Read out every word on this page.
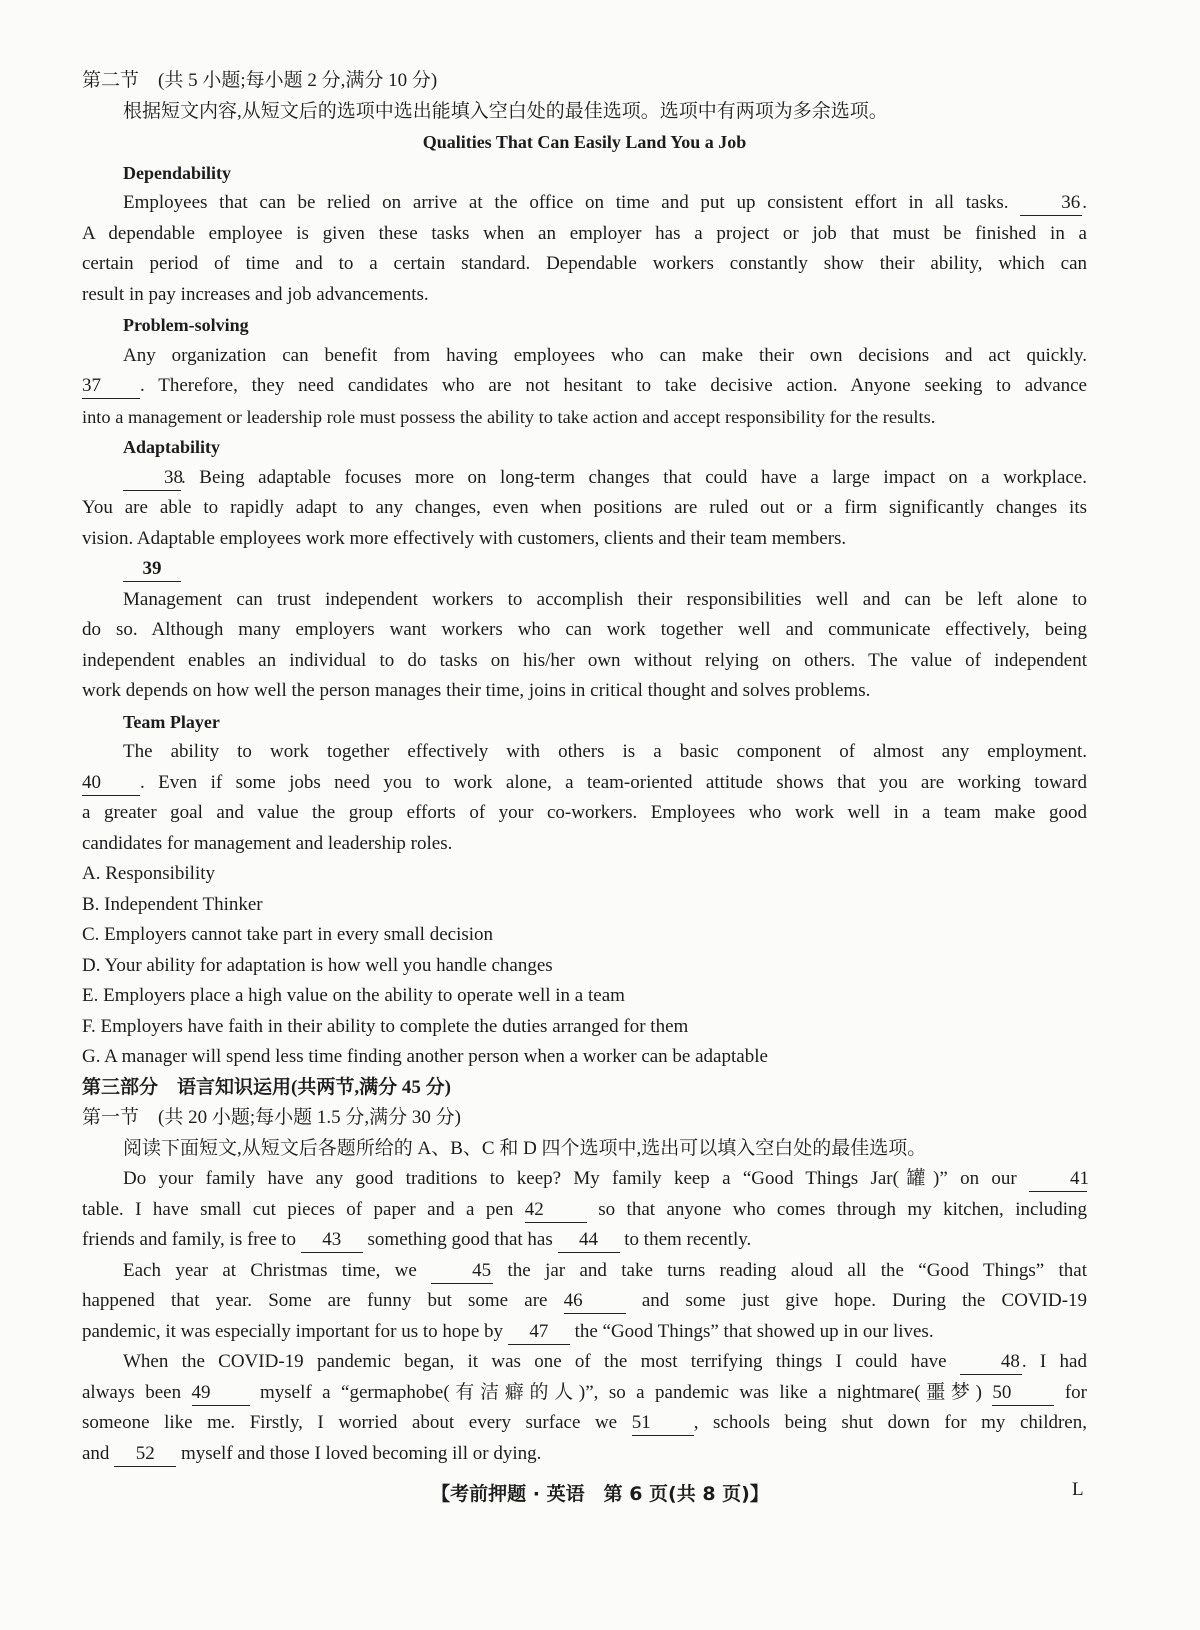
第二节　(共 5 小题;每小题 2 分,满分 10 分)
根据短文内容,从短文后的选项中选出能填入空白处的最佳选项。选项中有两项为多余选项。
Qualities That Can Easily Land You a Job
Dependability
Employees that can be relied on arrive at the office on time and put up consistent effort in all tasks.	36 .
A dependable employee is given these tasks when an employer has a project or job that must be finished in a
certain period of time and to a certain standard. Dependable workers constantly show their ability, which can
result in pay increases and job advancements.
Problem-solving
Any organization can benefit from having employees who can make their own decisions and act quickly.
37 . Therefore, they need candidates who are not hesitant to take decisive action. Anyone seeking to advance
into a management or leadership role must possess the ability to take action and accept responsibility for the results.
Adaptability
38. Being adaptable focuses more on long-term changes that could have a large impact on a workplace.
You are able to rapidly adapt to any changes, even when positions are ruled out or a firm significantly changes its
vision. Adaptable employees work more effectively with customers, clients and their team members.
39
Management can trust independent workers to accomplish their responsibilities well and can be left alone to
do so. Although many employers want workers who can work together well and communicate effectively, being
independent enables an individual to do tasks on his/her own without relying on others. The value of independent
work depends on how well the person manages their time, joins in critical thought and solves problems.
Team Player
The ability to work together effectively with others is a basic component of almost any employment.
40 . Even if some jobs need you to work alone, a team-oriented attitude shows that you are working toward
a greater goal and value the group efforts of your co-workers. Employees who work well in a team make good
candidates for management and leadership roles.
A. Responsibility
B. Independent Thinker
C. Employers cannot take part in every small decision
D. Your ability for adaptation is how well you handle changes
E. Employers place a high value on the ability to operate well in a team
F. Employers have faith in their ability to complete the duties arranged for them
G. A manager will spend less time finding another person when a worker can be adaptable
第三部分　语言知识运用(共两节,满分 45 分)
第一节　(共 20 小题;每小题 1.5 分,满分 30 分)
阅读下面短文,从短文后各题所给的 A、B、C 和 D 四个选项中,选出可以填入空白处的最佳选项。
Do your family have any good traditions to keep? My family keep a “Good Things Jar(罐)” on our	41
table. I have small cut pieces of paper and a pen 42	so that anyone who comes through my kitchen, including
friends and family, is free to 43 something good that has 44 to them recently.
Each year at Christmas time, we	45 the jar and take turns reading aloud all the “Good Things” that
happened that year. Some are funny but some are 46	and some just give hope. During the COVID-19
pandemic, it was especially important for us to hope by 47 the “Good Things” that showed up in our lives.
When the COVID-19 pandemic began, it was one of the most terrifying things I could have	48 . I had
always been 49	myself a “germaphobe(有洁癖的人)”, so a pandemic was like a nightmare(噩梦) 50	for
someone like me. Firstly, I worried about every surface we 51 , schools being shut down for my children,
and 52 myself and those I loved becoming ill or dying.
【考前押题 · 英语　第 6 页(共 8 页)】	L
